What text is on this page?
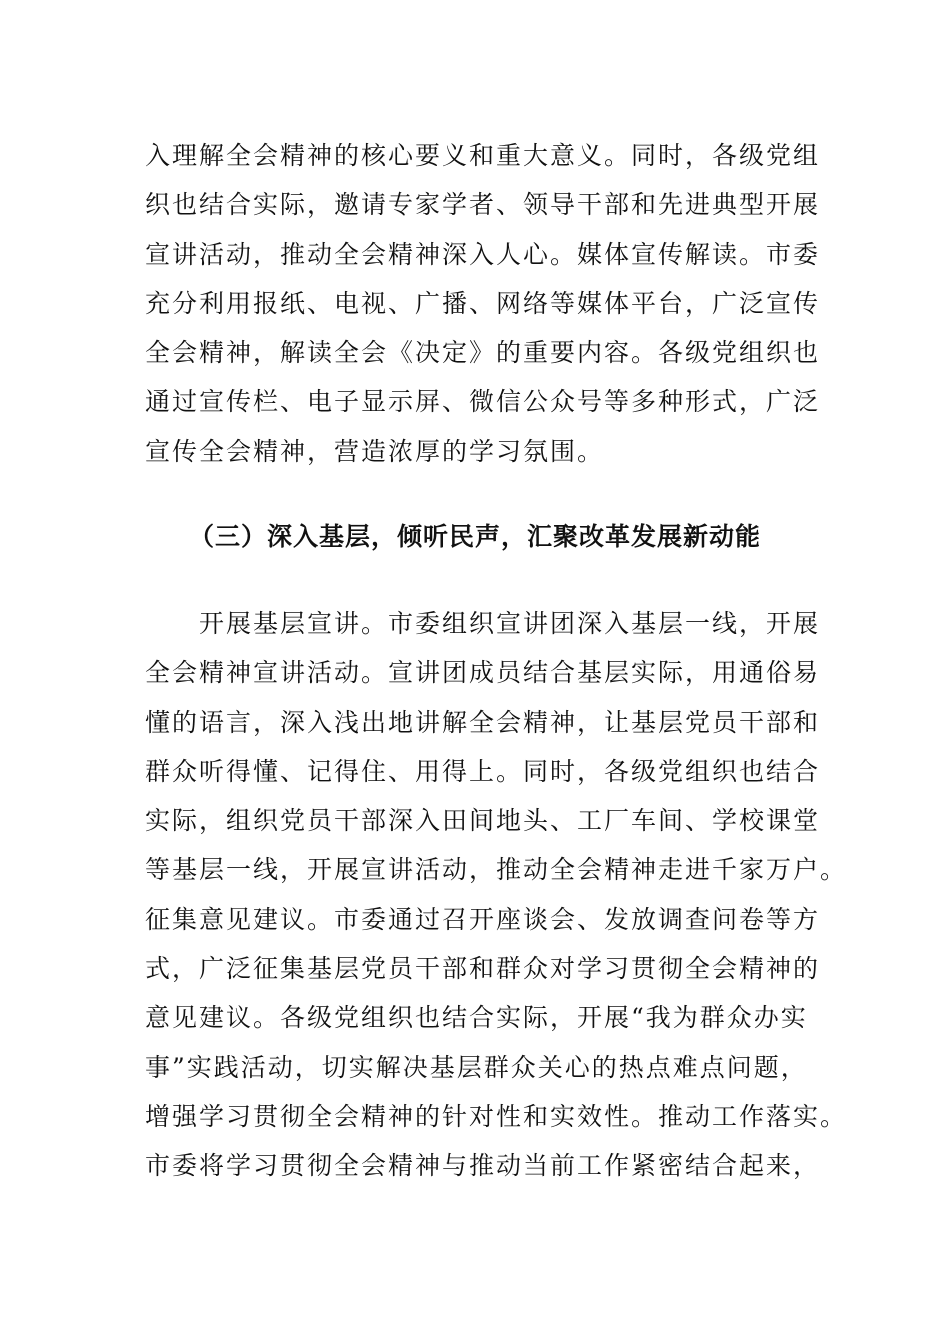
入理解全会精神的核心要义和重大意义。同时，各级党组
织也结合实际，邀请专家学者、领导干部和先进典型开展
宣讲活动，推动全会精神深入人心。媒体宣传解读。市委
充分利用报纸、电视、广播、网络等媒体平台，广泛宣传
全会精神，解读全会《决定》的重要内容。各级党组织也
通过宣传栏、电子显示屏、微信公众号等多种形式，广泛
宣传全会精神，营造浓厚的学习氛围。
（三）深入基层，倾听民声，汇聚改革发展新动能
　　开展基层宣讲。市委组织宣讲团深入基层一线，开展
全会精神宣讲活动。宣讲团成员结合基层实际，用通俗易
懂的语言，深入浅出地讲解全会精神，让基层党员干部和
群众听得懂、记得住、用得上。同时，各级党组织也结合
实际，组织党员干部深入田间地头、工厂车间、学校课堂
等基层一线，开展宣讲活动，推动全会精神走进千家万户。
征集意见建议。市委通过召开座谈会、发放调查问卷等方
式，广泛征集基层党员干部和群众对学习贯彻全会精神的
意见建议。各级党组织也结合实际，开展“我为群众办实
事”实践活动，切实解决基层群众关心的热点难点问题，
增强学习贯彻全会精神的针对性和实效性。推动工作落实。
市委将学习贯彻全会精神与推动当前工作紧密结合起来，
